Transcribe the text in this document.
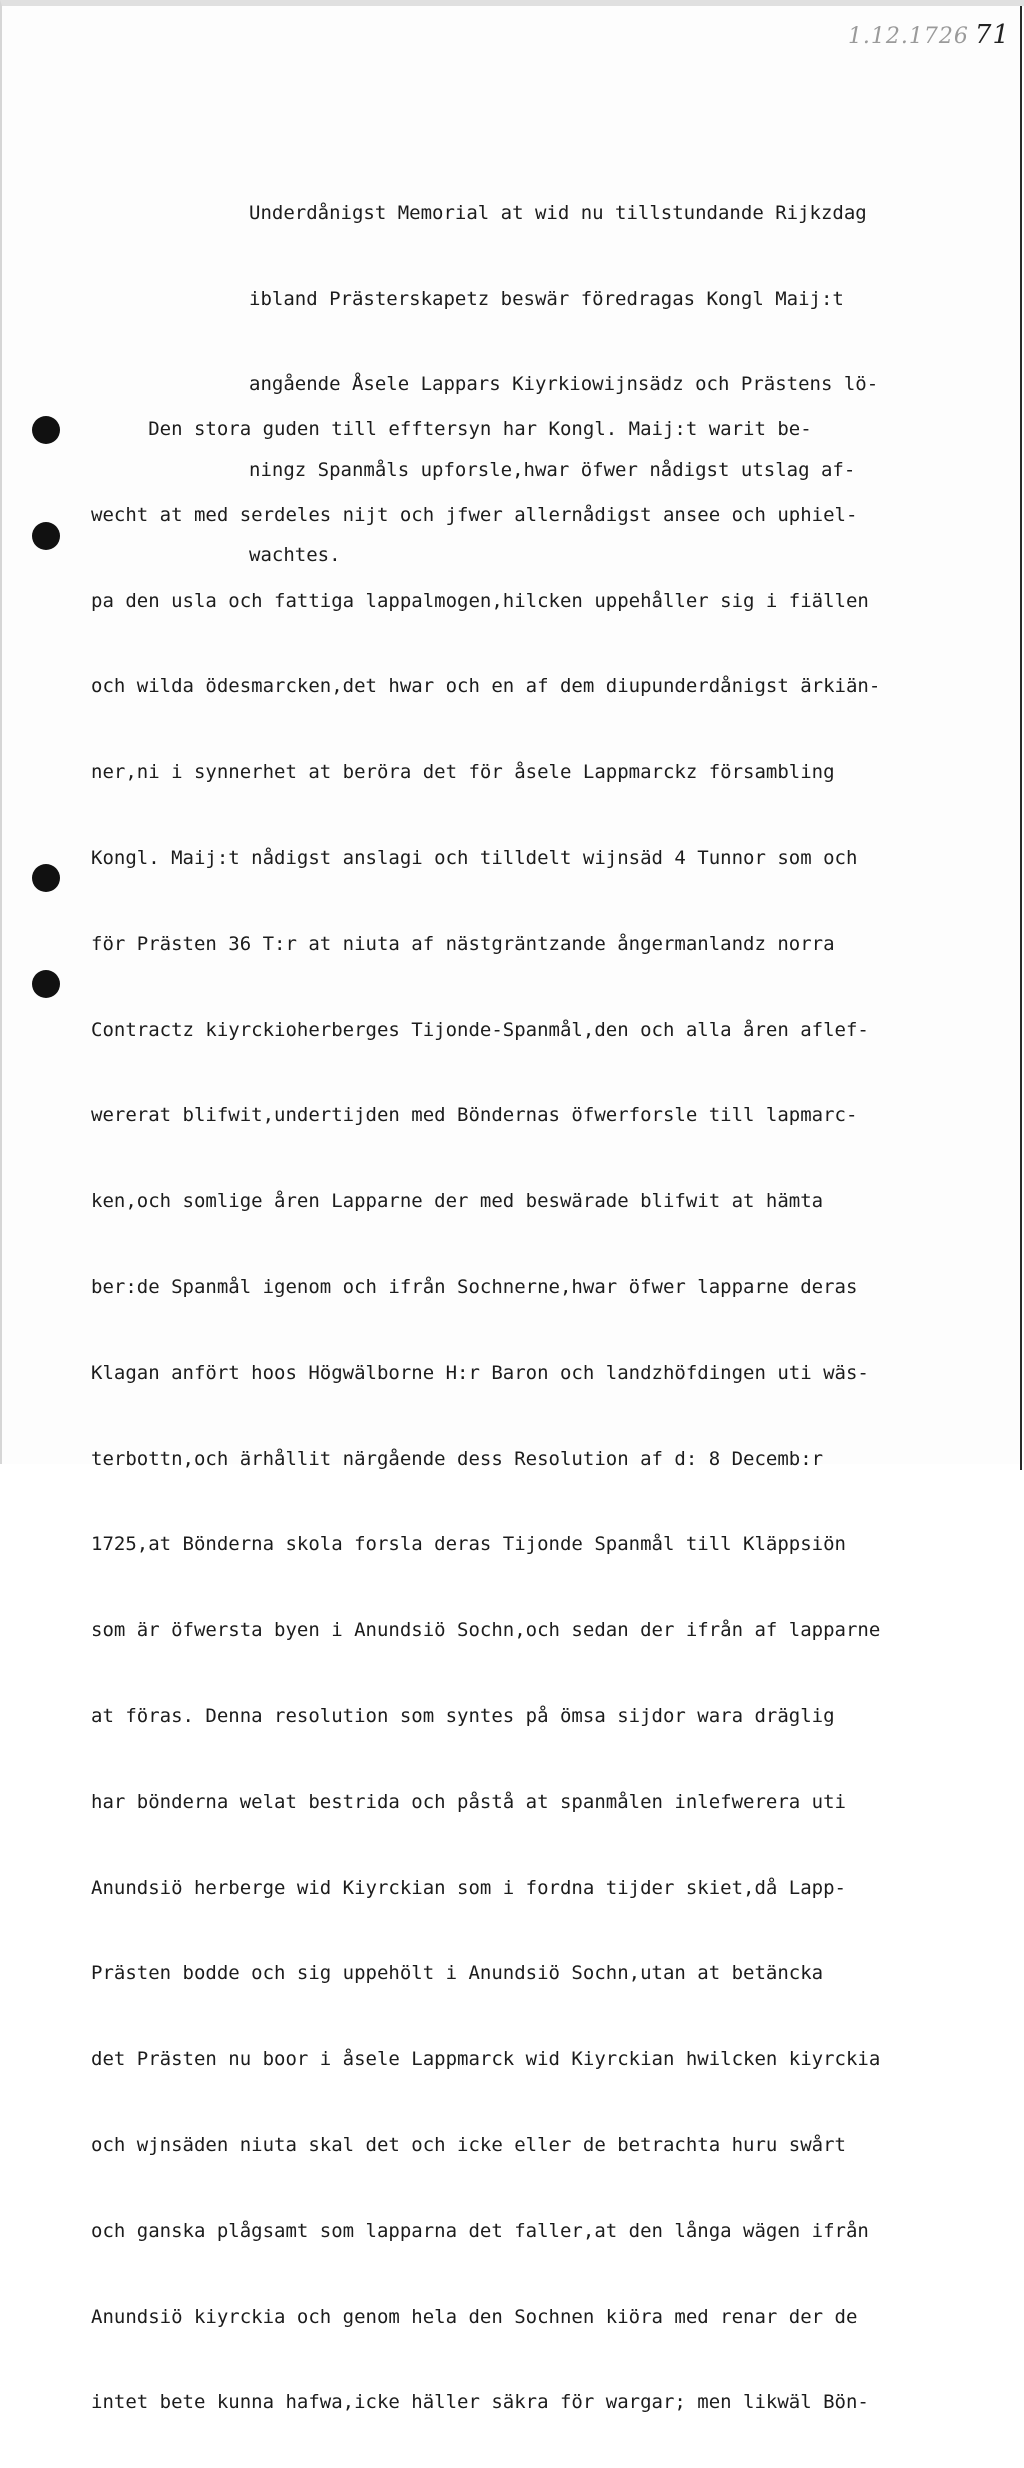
1.12.1726 71

Underdånigst Memorial at wid nu tillstundande Rijkzdag

ibland Prästerskapetz beswär föredragas Kongl Maij:t

angående Åsele Lappars Kiyrkiowijnsädz och Prästens lö-

ningz Spanmåls upforsle,hwar öfwer nådigst utslag af-

wachtes.

Den stora guden till efftersyn har Kongl. Maij:t warit be-

wecht at med serdeles nijt och jfwer allernådigst ansee och uphiel-

pa den usla och fattiga lappalmogen,hilcken uppehåller sig i fiällen

och wilda ödesmarcken,det hwar och en af dem diupunderdånigst ärkiän-

ner,ni i synnerhet at beröra det för åsele Lappmarckz försambling

Kongl. Maij:t nådigst anslagi och tilldelt wijnsäd 4 Tunnor som och

för Prästen 36 T:r at niuta af nästgräntzande ångermanlandz norra

Contractz kiyrckioherberges Tijonde-Spanmål,den och alla åren aflef-

wererat blifwit,undertijden med Böndernas öfwerforsle till lapmarc-

ken,och somlige åren Lapparne der med beswärade blifwit at hämta

ber:de Spanmål igenom och ifrån Sochnerne,hwar öfwer lapparne deras

Klagan anfört hoos Högwälborne H:r Baron och landzhöfdingen uti wäs-

terbottn,och ärhållit närgående dess Resolution af d: 8 Decemb:r

1725,at Bönderna skola forsla deras Tijonde Spanmål till Kläppsiön

som är öfwersta byen i Anundsiö Sochn,och sedan der ifrån af lapparne

at föras. Denna resolution som syntes på ömsa sijdor wara dräglig

har bönderna welat bestrida och påstå at spanmålen inlefwerera uti

Anundsiö herberge wid Kiyrckian som i fordna tijder skiet,då Lapp-

Prästen bodde och sig uppehölt i Anundsiö Sochn,utan at betäncka

det Prästen nu boor i åsele Lappmarck wid Kiyrckian hwilcken kiyrckia

och wjnsäden niuta skal det och icke eller de betrachta huru swårt

och ganska plågsamt som lapparna det faller,at den långa wägen ifrån

Anundsiö kiyrckia och genom hela den Sochnen kiöra med renar der de

intet bete kunna hafwa,icke häller säkra för wargar; men likwäl Bön-
